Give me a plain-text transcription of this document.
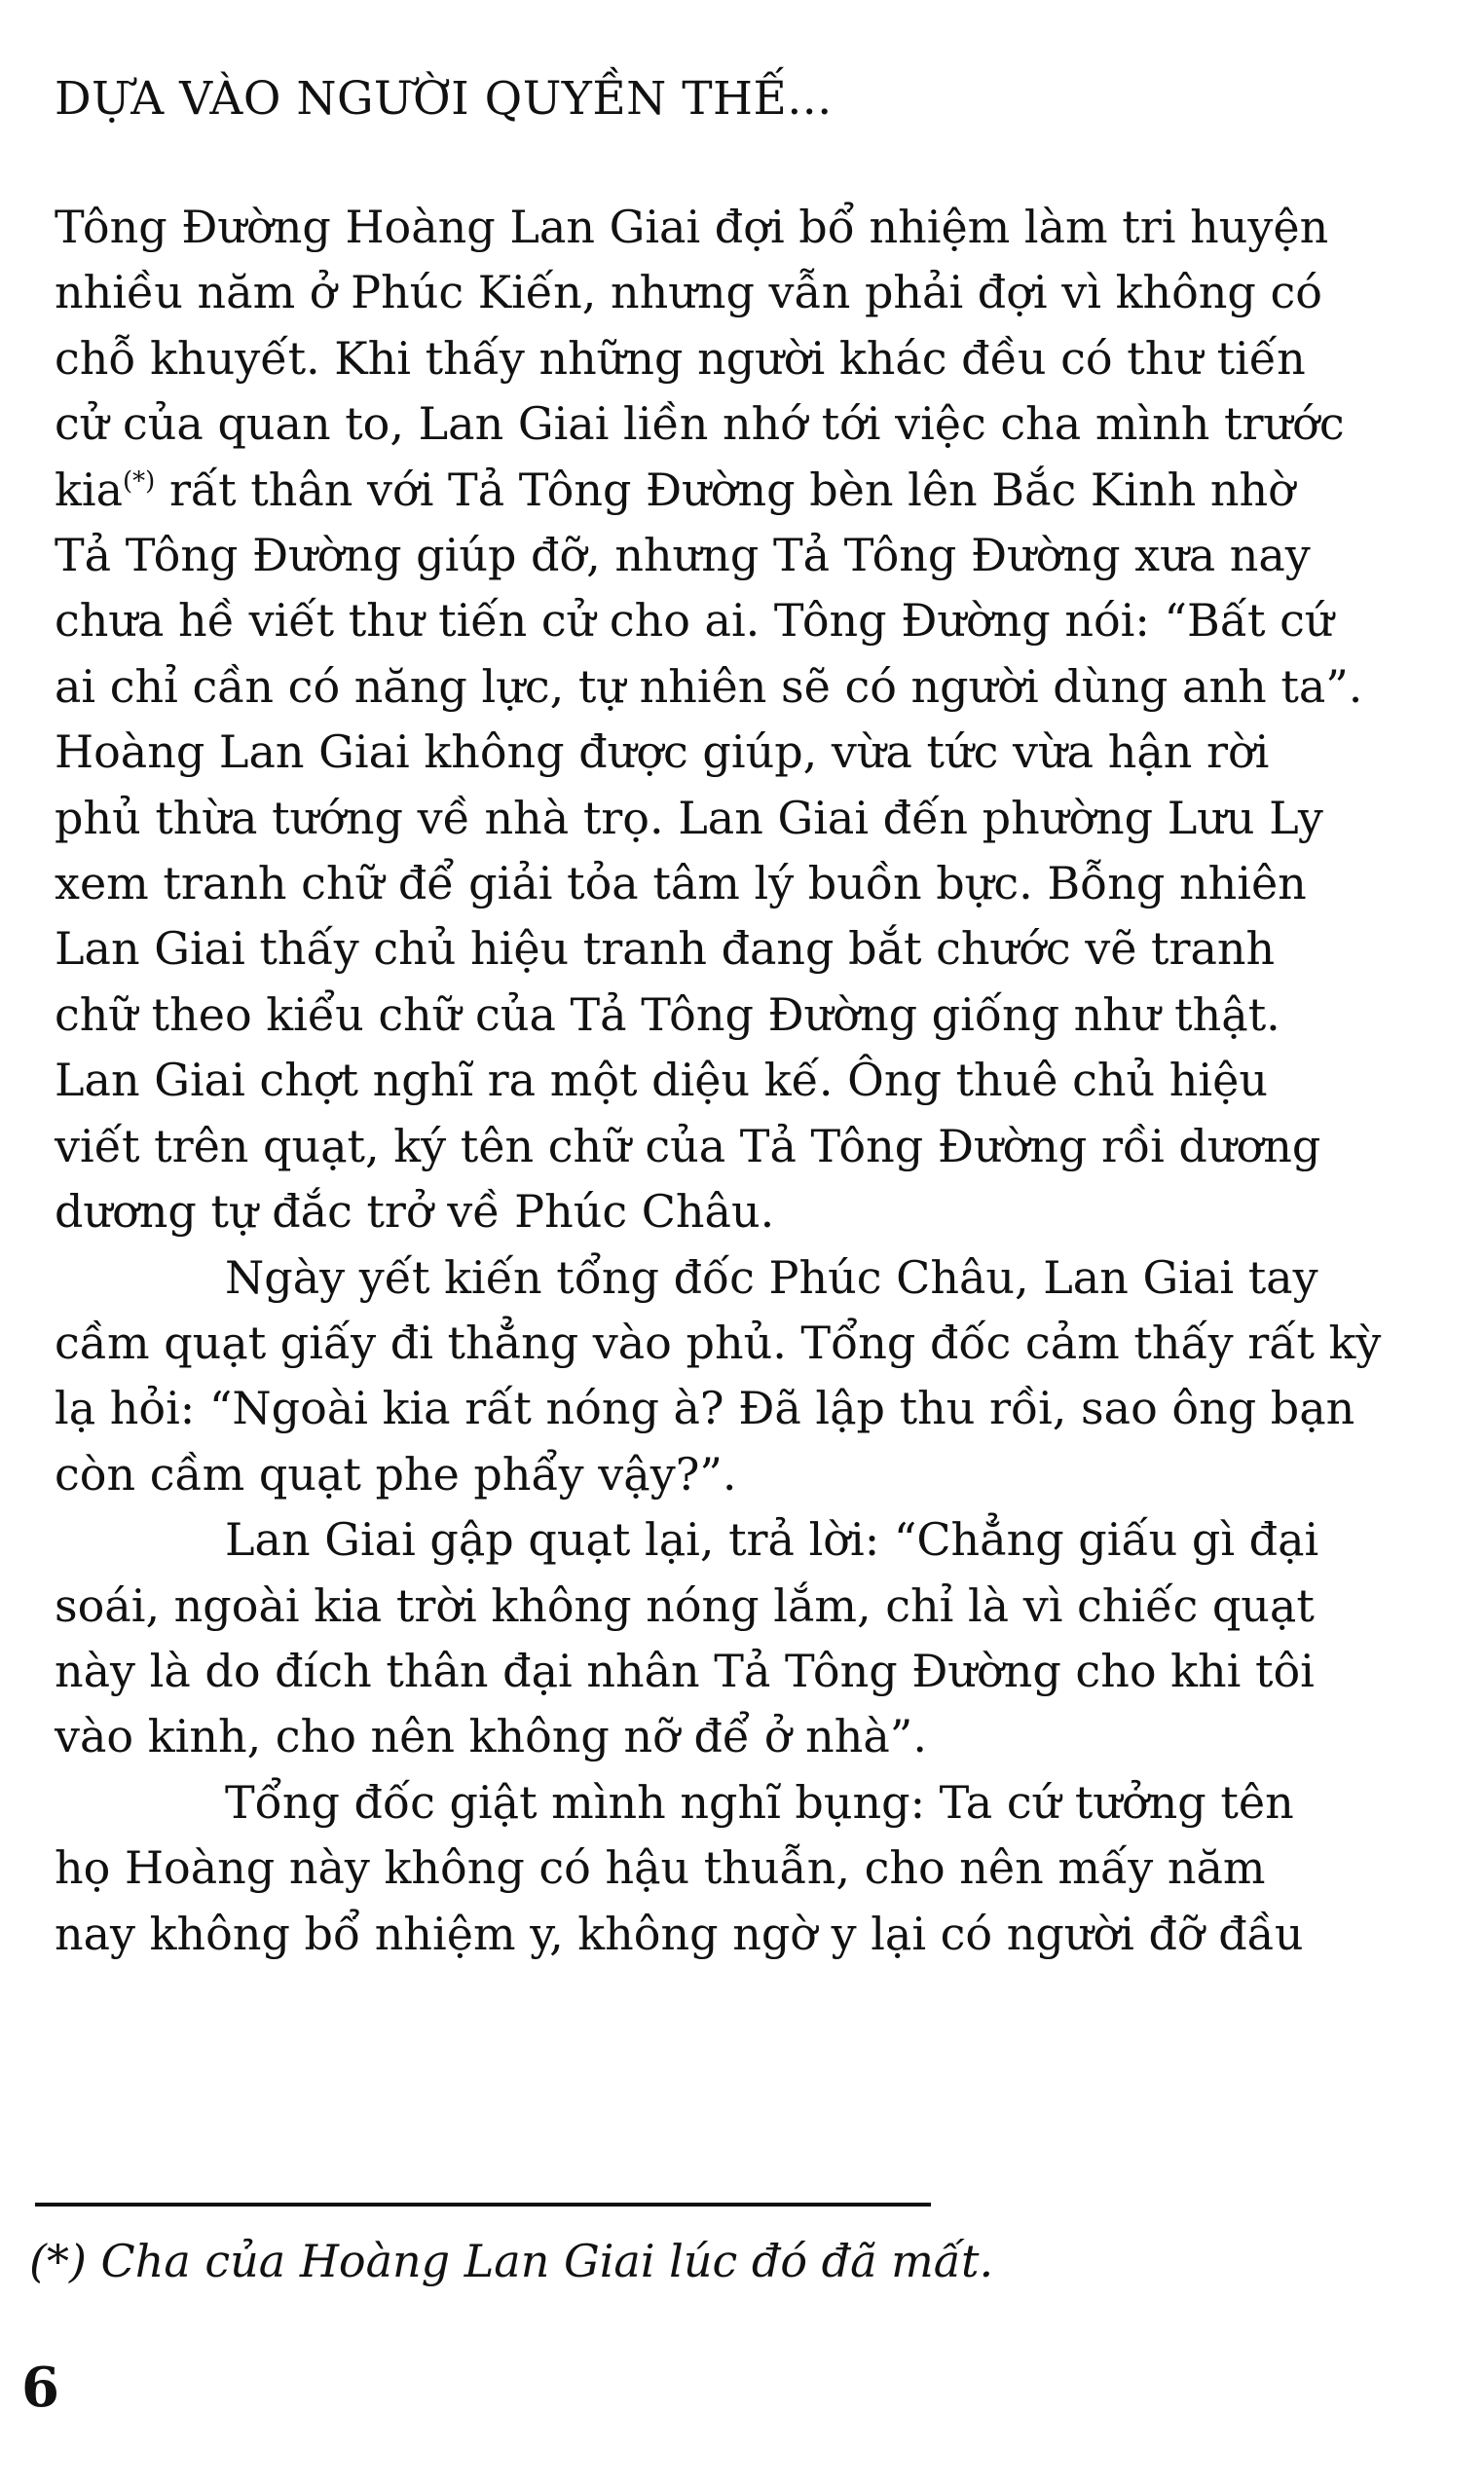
DỰA VÀO NGƯỜI QUYỀN THẾ...

Tông Đường Hoàng Lan Giai đợi bổ nhiệm làm tri huyện
nhiều năm ở Phúc Kiến, nhưng vẫn phải đợi vì không có
chỗ khuyết. Khi thấy những người khác đều có thư tiến
cử của quan to, Lan Giai liền nhớ tới việc cha mình trước
kia(*) rất thân với Tả Tông Đường bèn lên Bắc Kinh nhờ
Tả Tông Đường giúp đỡ, nhưng Tả Tông Đường xưa nay
chưa hề viết thư tiến cử cho ai. Tông Đường nói: “Bất cứ
ai chỉ cần có năng lực, tự nhiên sẽ có người dùng anh ta”.
Hoàng Lan Giai không được giúp, vừa tức vừa hận rời
phủ thừa tướng về nhà trọ. Lan Giai đến phường Lưu Ly
xem tranh chữ để giải tỏa tâm lý buồn bực. Bỗng nhiên
Lan Giai thấy chủ hiệu tranh đang bắt chước vẽ tranh
chữ theo kiểu chữ của Tả Tông Đường giống như thật.
Lan Giai chợt nghĩ ra một diệu kế. Ông thuê chủ hiệu
viết trên quạt, ký tên chữ của Tả Tông Đường rồi dương
dương tự đắc trở về Phúc Châu.

Ngày yết kiến tổng đốc Phúc Châu, Lan Giai tay
cầm quạt giấy đi thẳng vào phủ. Tổng đốc cảm thấy rất kỳ
lạ hỏi: “Ngoài kia rất nóng à? Đã lập thu rồi, sao ông bạn
còn cầm quạt phe phẩy vậy?”.

Lan Giai gập quạt lại, trả lời: “Chẳng giấu gì đại
soái, ngoài kia trời không nóng lắm, chỉ là vì chiếc quạt
này là do đích thân đại nhân Tả Tông Đường cho khi tôi
vào kinh, cho nên không nỡ để ở nhà”.

Tổng đốc giật mình nghĩ bụng: Ta cứ tưởng tên
họ Hoàng này không có hậu thuẫn, cho nên mấy năm
nay không bổ nhiệm y, không ngờ y lại có người đỡ đầu

(*) Cha của Hoàng Lan Giai lúc đó đã mất.
6
